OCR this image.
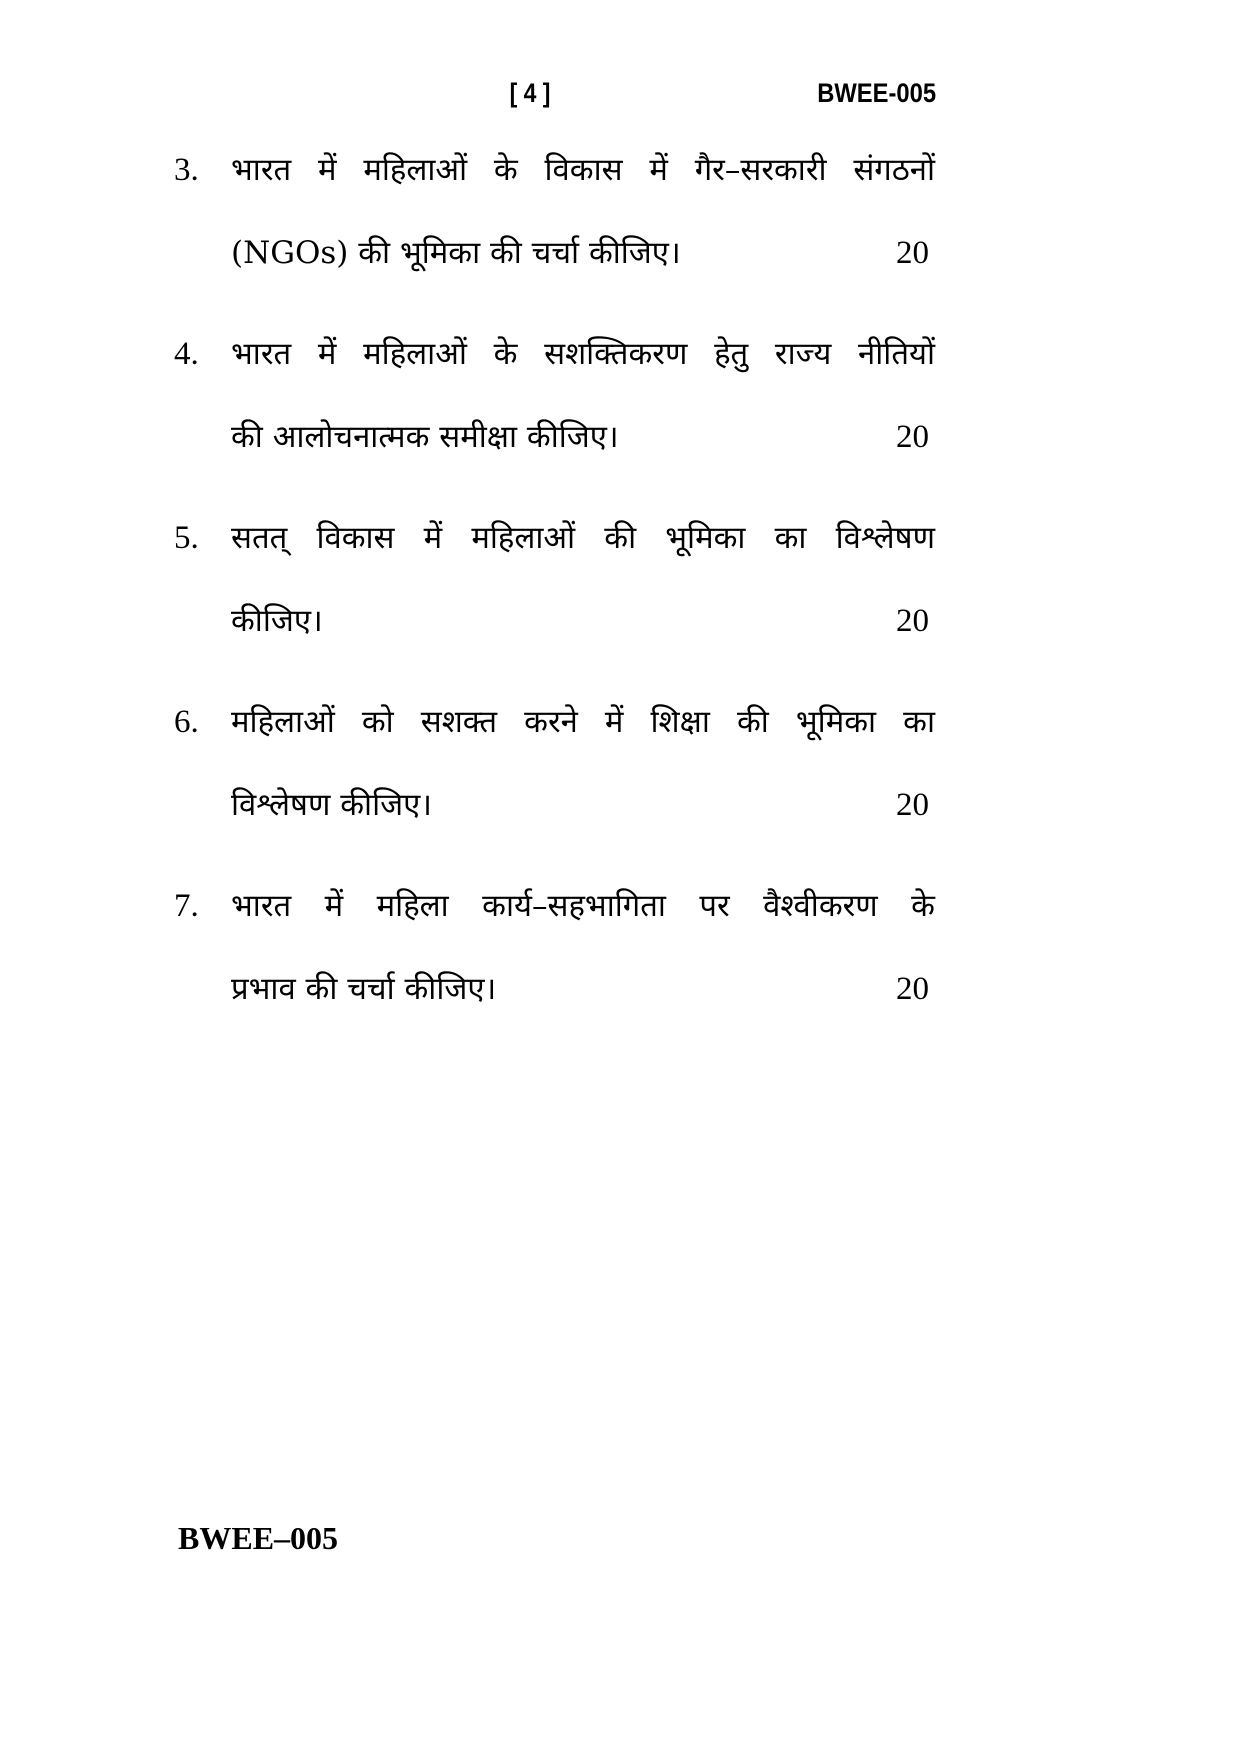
[ 4 ]	BWEE-005
3. भारत में महिलाओं के विकास में गैर–सरकारी संगठनों
(NGOs) की भूमिका की चर्चा कीजिए।	20
4. भारत में महिलाओं के सशक्तिकरण हेतु राज्य नीतियों
की आलोचनात्मक समीक्षा कीजिए।	20
5. सतत् विकास में महिलाओं की भूमिका का विश्लेषण
कीजिए।	20
6. महिलाओं को सशक्त करने में शिक्षा की भूमिका का
विश्लेषण कीजिए।	20
7. भारत में महिला कार्य–सहभागिता पर वैश्वीकरण के
प्रभाव की चर्चा कीजिए।	20
BWEE–005
